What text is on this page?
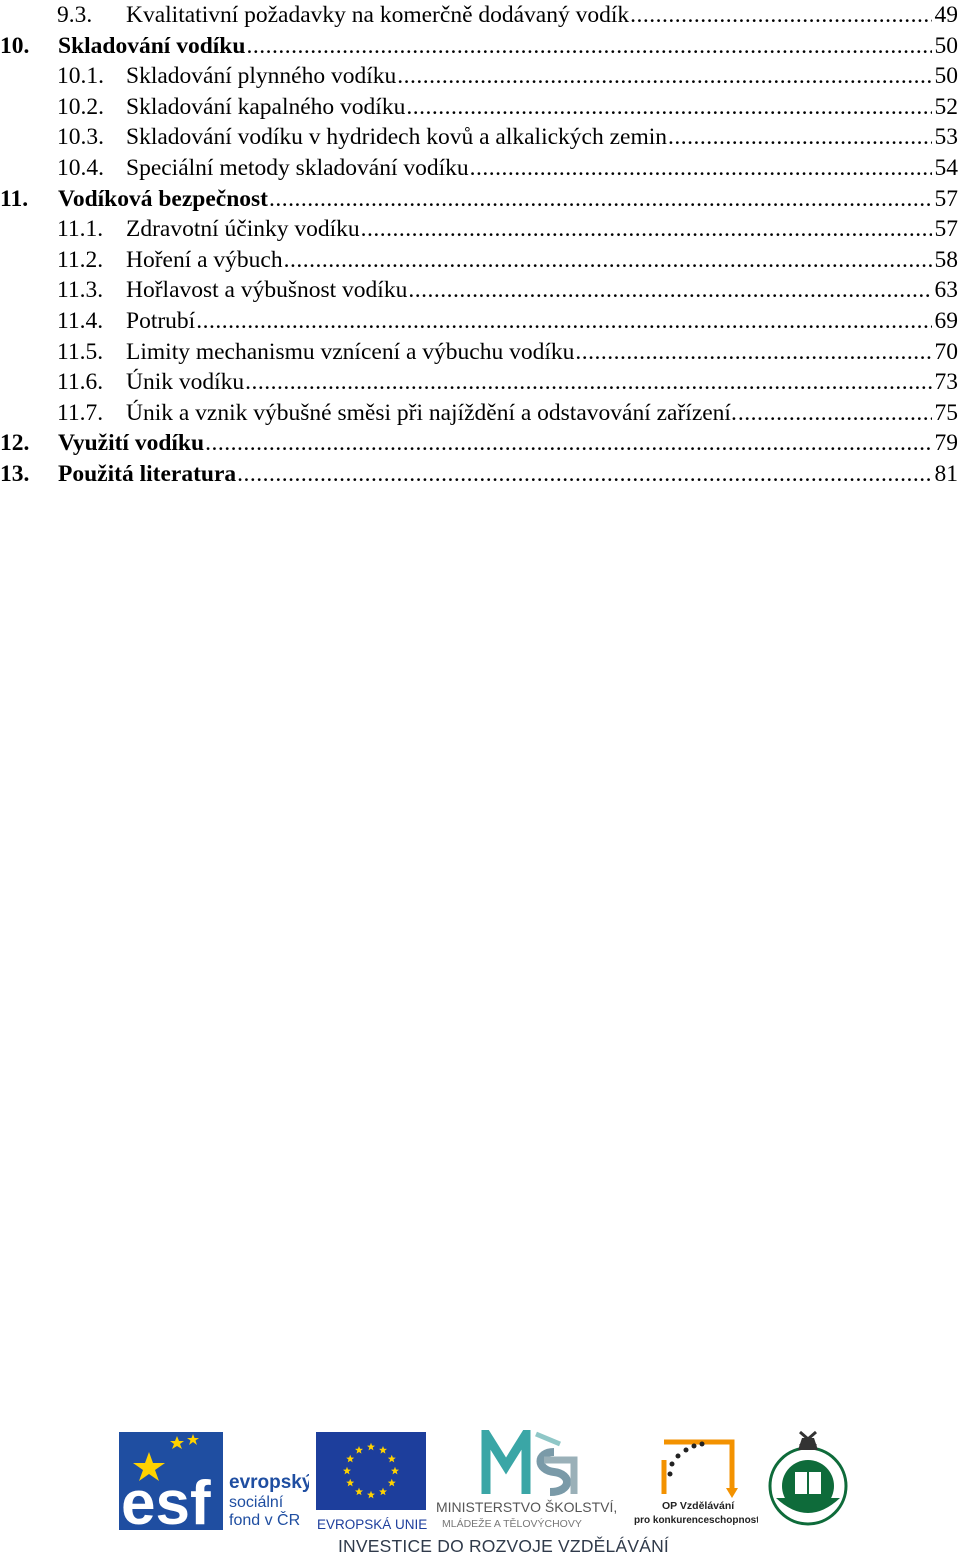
9.3. Kvalitativní požadavky na komerčně dodávaný vodík .....	49
10. Skladování vodíku .....	50
10.1. Skladování plynného vodíku .....	50
10.2. Skladování kapalného vodíku .....	52
10.3. Skladování vodíku v hydridech kovů a alkalických zemin .....	53
10.4. Speciální metody skladování vodíku .....	54
11. Vodíková bezpečnost .....	57
11.1. Zdravotní účinky vodíku .....	57
11.2. Hoření a výbuch .....	58
11.3. Hořlavost a výbušnost vodíku .....	63
11.4. Potrubí .....	69
11.5. Limity mechanismu vznícení a výbuchu vodíku .....	70
11.6. Únik vodíku .....	73
11.7. Únik a vznik výbušné směsi při najíždění a odstavování zařízení. .....	75
12. Využití vodíku .....	79
13. Použitá literatura .....	81
esf evropský
sociální
fond v ČR EVROPSKÁ UNIE
MINISTERSTVO ŠKOLSTVÍ,
MLÁDEŽE A TĚLOVÝCHOVY
OP Vzdělávání
pro konkurenceschopnost
INVESTICE DO ROZVOJE VZDĚLÁVÁNÍ
